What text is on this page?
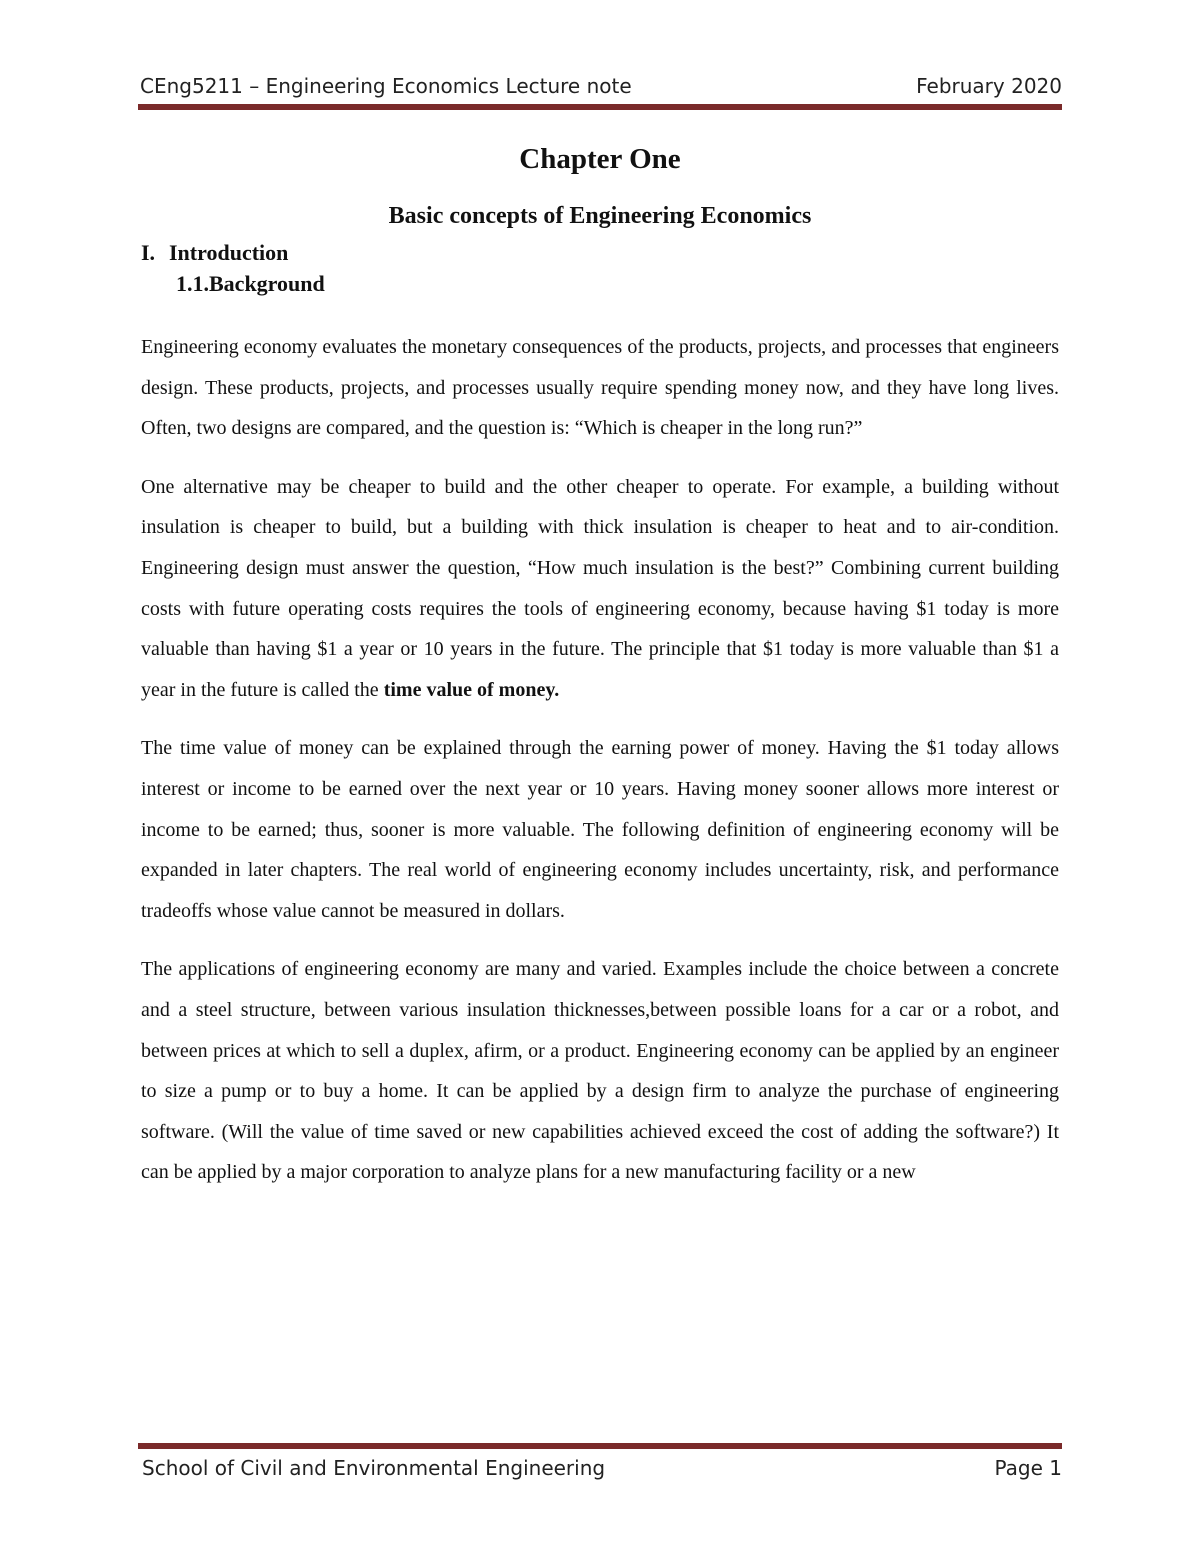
CEng5211 – Engineering Economics Lecture note	February 2020
Chapter One
Basic concepts of Engineering Economics
I. Introduction
1.1.Background

Engineering economy evaluates the monetary consequences of the products, projects, and processes that engineers design. These products, projects, and processes usually require spending money now, and they have long lives. Often, two designs are compared, and the question is: “Which is cheaper in the long run?”

One alternative may be cheaper to build and the other cheaper to operate. For example, a building without insulation is cheaper to build, but a building with thick insulation is cheaper to heat and to air-condition. Engineering design must answer the question, “How much insulation is the best?” Combining current building costs with future operating costs requires the tools of engineering economy, because having $1 today is more valuable than having $1 a year or 10 years in the future. The principle that $1 today is more valuable than $1 a year in the future is called the time value of money.

The time value of money can be explained through the earning power of money. Having the $1 today allows interest or income to be earned over the next year or 10 years. Having money sooner allows more interest or income to be earned; thus, sooner is more valuable. The following definition of engineering economy will be expanded in later chapters. The real world of engineering economy includes uncertainty, risk, and performance tradeoffs whose value cannot be measured in dollars.

The applications of engineering economy are many and varied. Examples include the choice between a concrete and a steel structure, between various insulation thicknesses,between possible loans for a car or a robot, and between prices at which to sell a duplex, afirm, or a product. Engineering economy can be applied by an engineer to size a pump or to buy a home. It can be applied by a design firm to analyze the purchase of engineering software. (Will the value of time saved or new capabilities achieved exceed the cost of adding the software?) It can be applied by a major corporation to analyze plans for a new manufacturing facility or a new

School of Civil and Environmental Engineering	Page 1
